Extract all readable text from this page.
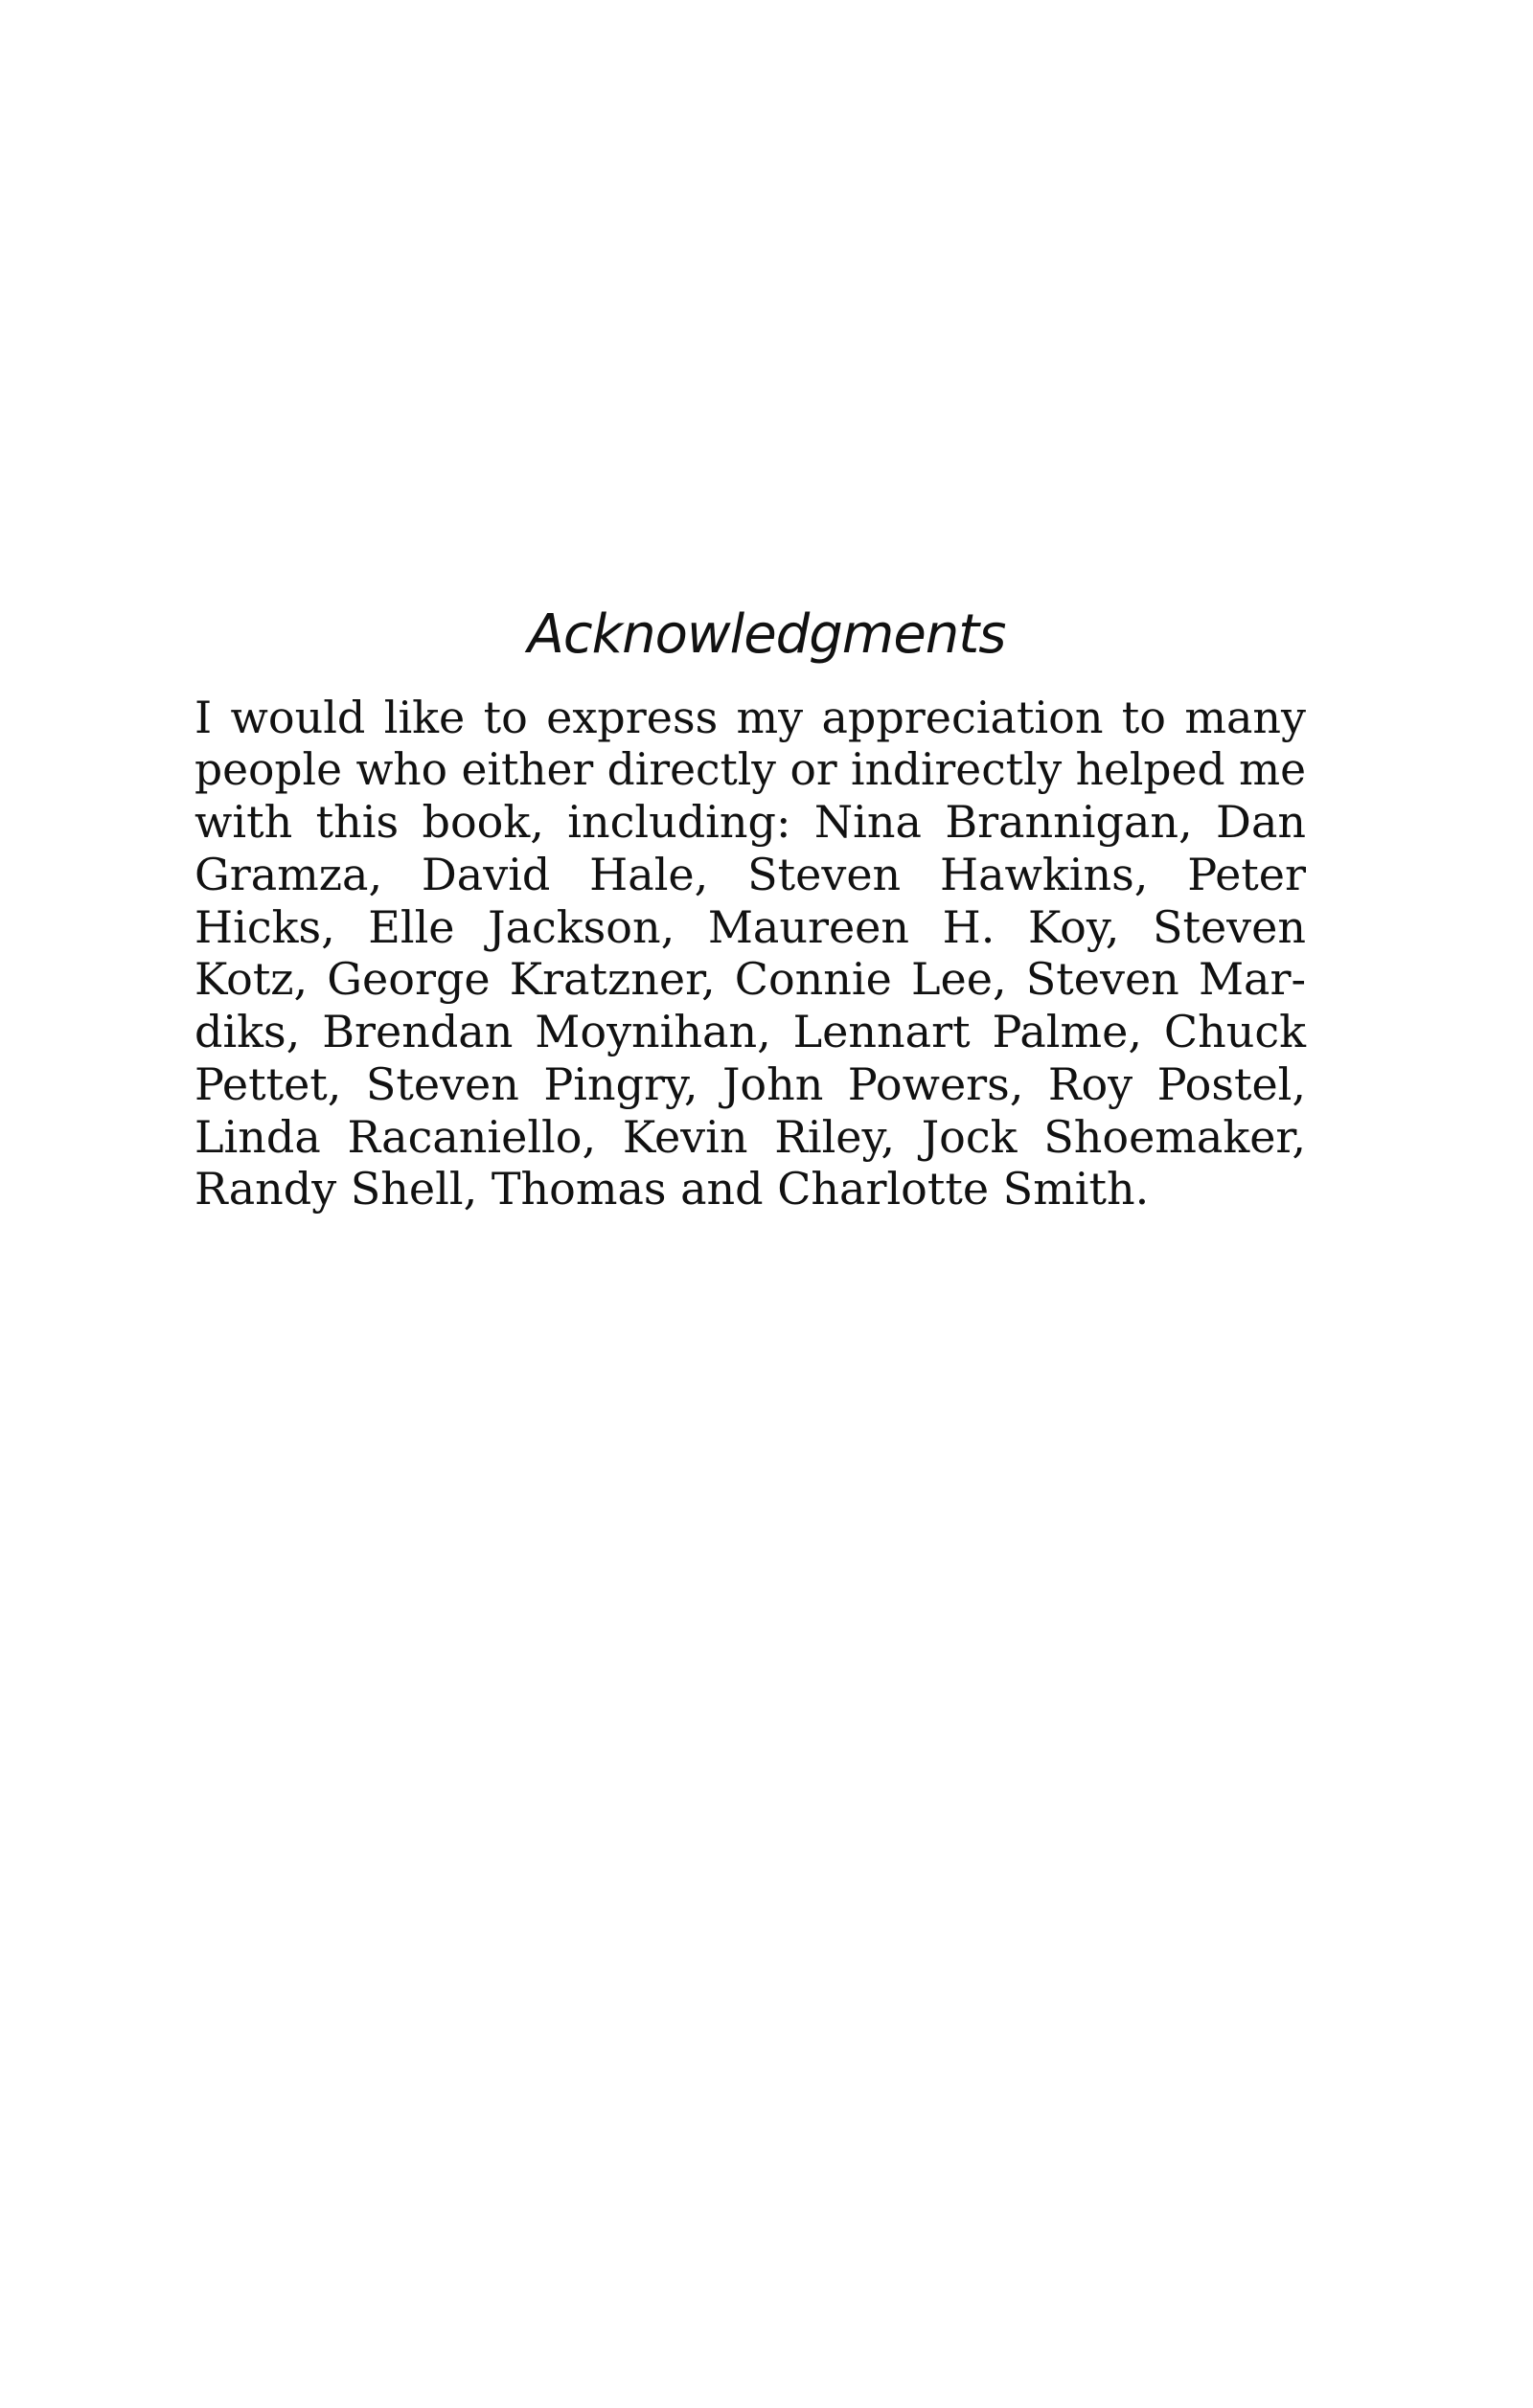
Acknowledgments
I would like to express my appreciation to many
people who either directly or indirectly helped me
with this book, including: Nina Brannigan, Dan
Gramza, David Hale, Steven Hawkins, Peter
Hicks, Elle Jackson, Maureen H. Koy, Steven
Kotz, George Kratzner, Connie Lee, Steven Mar-
diks, Brendan Moynihan, Lennart Palme, Chuck
Pettet, Steven Pingry, John Powers, Roy Postel,
Linda Racaniello, Kevin Riley, Jock Shoemaker,
Randy Shell, Thomas and Charlotte Smith.
